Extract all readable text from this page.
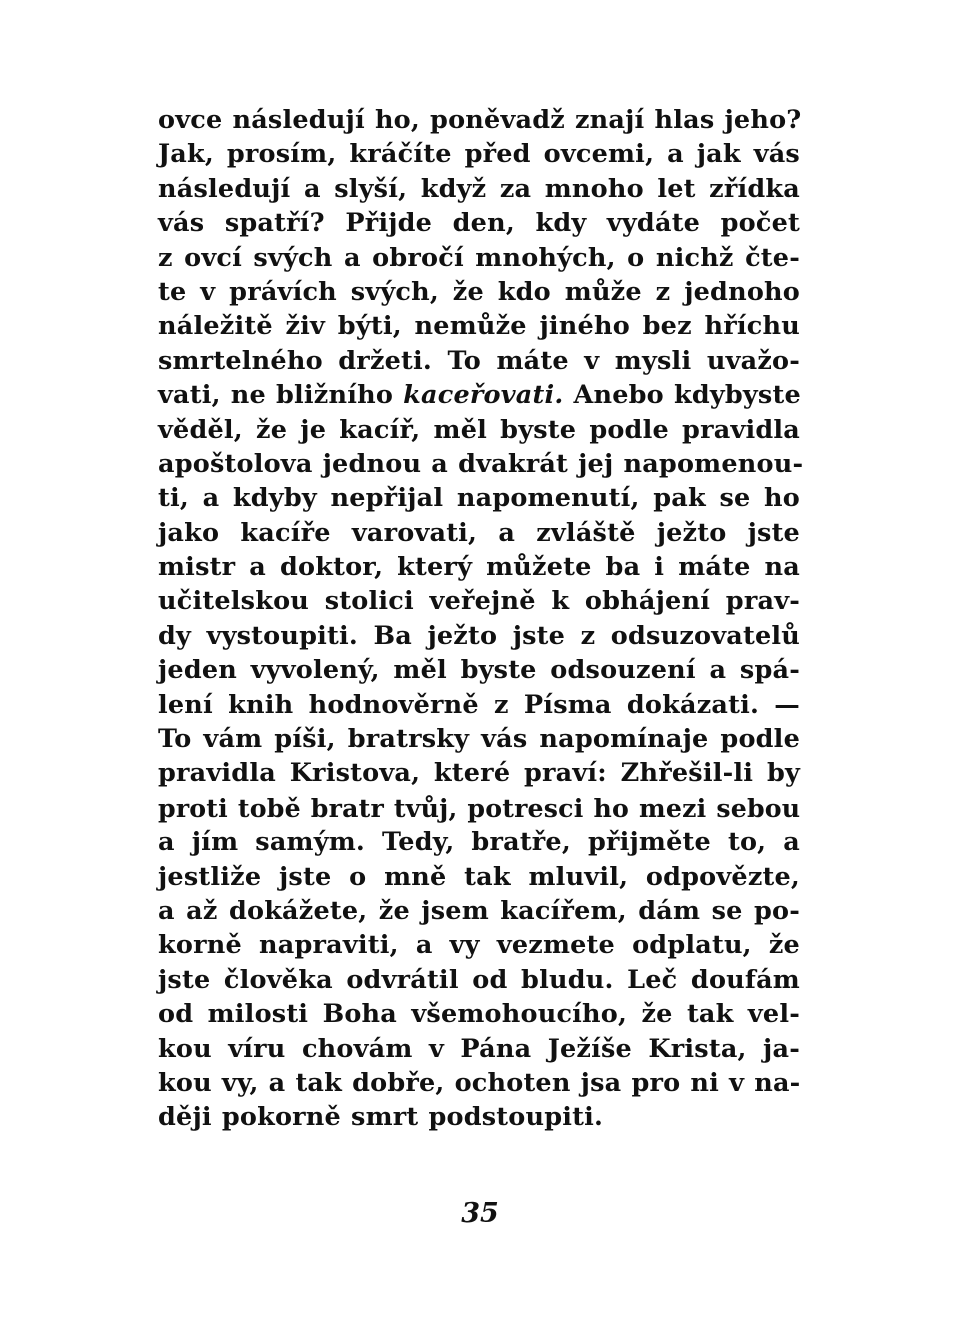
ovce následují ho, poněvadž znají hlas jeho?
Jak, prosím, kráčíte před ovcemi, a jak vás
následují a slyší, když za mnoho let zřídka
vás spatří? Přijde den, kdy vydáte počet
z ovcí svých a obročí mnohých, o nichž čte-
te v právích svých, že kdo může z jednoho
náležitě živ býti, nemůže jiného bez hříchu
smrtelného držeti. To máte v mysli uvažo-
vati, ne bližního kaceřovati. Anebo kdybyste
věděl, že je kacíř, měl byste podle pravidla
apoštolova jednou a dvakrát jej napomenou-
ti, a kdyby nepřijal napomenutí, pak se ho
jako kacíře varovati, a zvláště ježto jste
mistr a doktor, který můžete ba i máte na
učitelskou stolici veřejně k obhájení prav-
dy vystoupiti. Ba ježto jste z odsuzovatelů
jeden vyvolený, měl byste odsouzení a spá-
lení knih hodnověrně z Písma dokázati. —
To vám píši, bratrsky vás napomínaje podle
pravidla Kristova, které praví: Zhřešil-li by
proti tobě bratr tvůj, potresci ho mezi sebou
a jím samým. Tedy, bratře, přijměte to, a
jestliže jste o mně tak mluvil, odpovězte,
a až dokážete, že jsem kacířem, dám se po-
korně napraviti, a vy vezmete odplatu, že
jste člověka odvrátil od bludu. Leč doufám
od milosti Boha všemohoucího, že tak vel-
kou víru chovám v Pána Ježíše Krista, ja-
kou vy, a tak dobře, ochoten jsa pro ni v na-
ději pokorně smrt podstoupiti.
35
